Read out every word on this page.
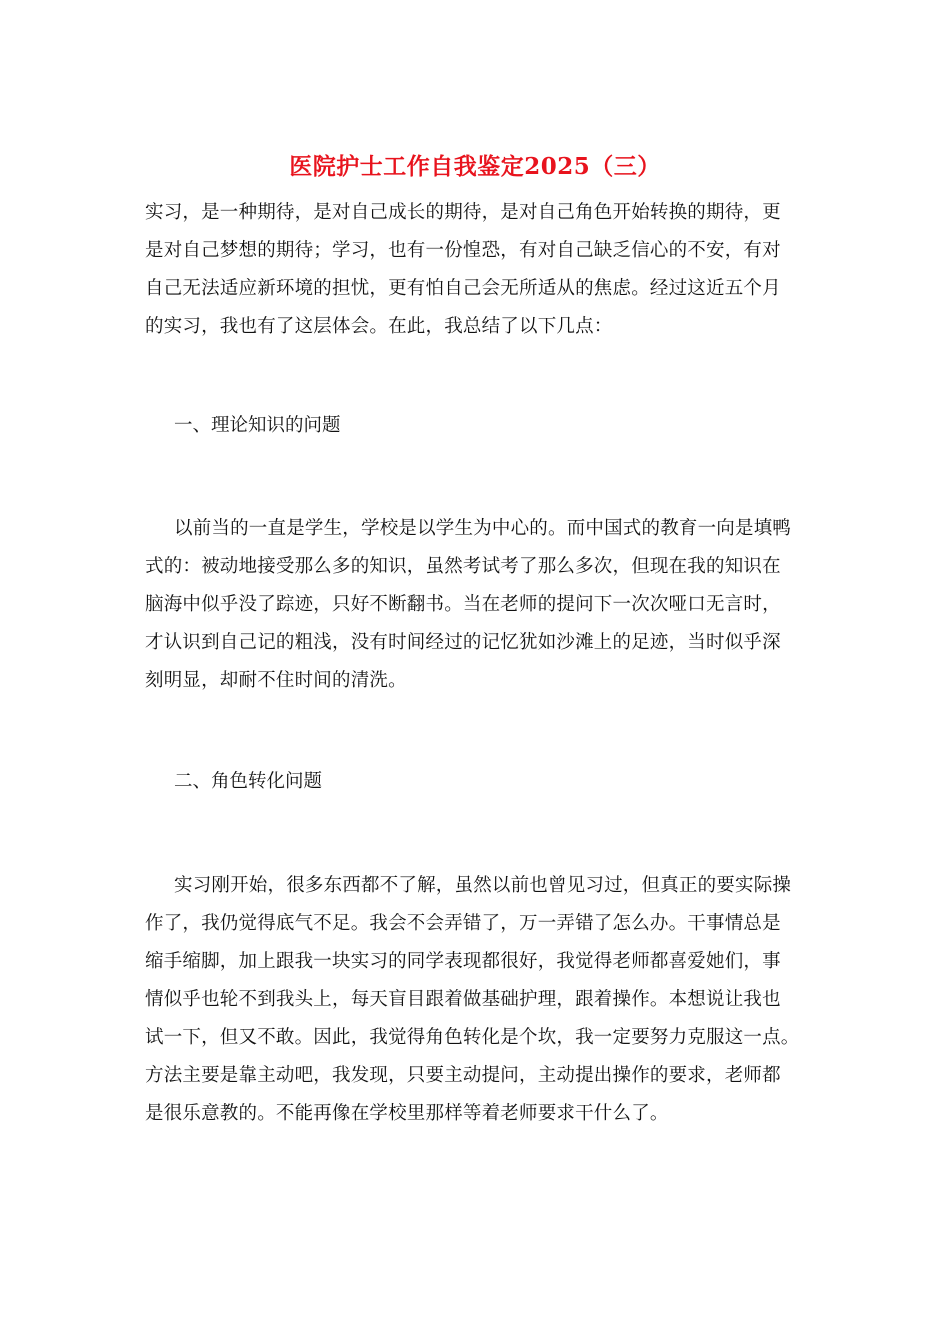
医院护士工作自我鉴定2025（三）
实习，是一种期待，是对自己成长的期待，是对自己角色开始转换的期待，更
是对自己梦想的期待；学习，也有一份惶恐，有对自己缺乏信心的不安，有对
自己无法适应新环境的担忧，更有怕自己会无所适从的焦虑。经过这近五个月
的实习，我也有了这层体会。在此，我总结了以下几点：
一、理论知识的问题
以前当的一直是学生，学校是以学生为中心的。而中国式的教育一向是填鸭
式的：被动地接受那么多的知识，虽然考试考了那么多次，但现在我的知识在
脑海中似乎没了踪迹，只好不断翻书。当在老师的提问下一次次哑口无言时，
才认识到自己记的粗浅，没有时间经过的记忆犹如沙滩上的足迹，当时似乎深
刻明显，却耐不住时间的清洗。
二、角色转化问题
实习刚开始，很多东西都不了解，虽然以前也曾见习过，但真正的要实际操
作了，我仍觉得底气不足。我会不会弄错了，万一弄错了怎么办。干事情总是
缩手缩脚，加上跟我一块实习的同学表现都很好，我觉得老师都喜爱她们，事
情似乎也轮不到我头上，每天盲目跟着做基础护理，跟着操作。本想说让我也
试一下，但又不敢。因此，我觉得角色转化是个坎，我一定要努力克服这一点。
方法主要是靠主动吧，我发现，只要主动提问，主动提出操作的要求，老师都
是很乐意教的。不能再像在学校里那样等着老师要求干什么了。
